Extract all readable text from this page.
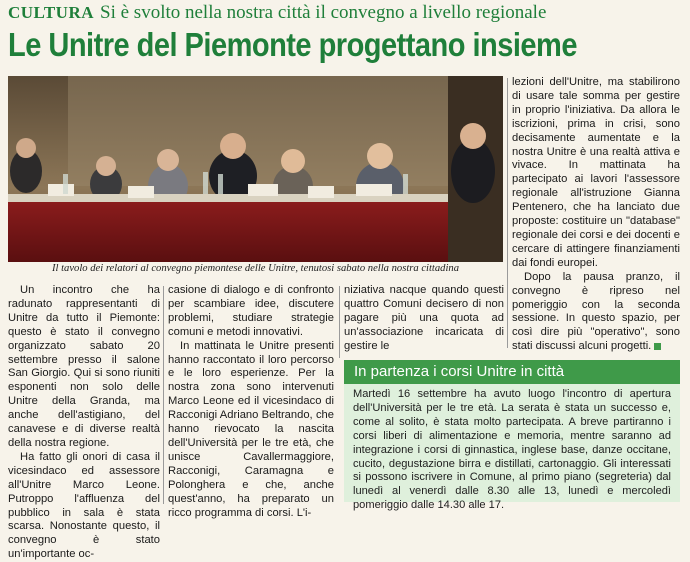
CULTURA Si è svolto nella nostra città il convegno a livello regionale
Le Unitre del Piemonte progettano insieme
Il tavolo dei relatori al convegno piemontese delle Unitre, tenutosi sabato nella nostra cittadina

Un incontro che ha radunato rappresentanti di Unitre da tutto il Piemonte: questo è stato il convegno organizzato sabato 20 settembre presso il salone San Giorgio. Qui si sono riuniti esponenti non solo delle Unitre della Granda, ma anche dell'astigiano, del canavese e di diverse realtà della nostra regione.

Ha fatto gli onori di casa il vicesindaco ed assessore all'Unitre Marco Leone. Putroppo l'affluenza del pubblico in sala è stata scarsa. Nonostante questo, il convegno è stato un'importante oc-

casione di dialogo e di confronto per scambiare idee, discutere problemi, studiare strategie comuni e metodi innovativi.

In mattinata le Unitre presenti hanno raccontato il loro percorso e le loro esperienze. Per la nostra zona sono intervenuti Marco Leone ed il vicesindaco di Racconigi Adriano Beltrando, che hanno rievocato la nascita dell'Università per le tre età, che unisce Cavallermaggiore, Racconigi, Caramagna e Polonghera e che, anche quest'anno, ha preparato un ricco programma di corsi. L'i-

niziativa nacque quando questi quattro Comuni decisero di non pagare più una quota ad un'associazione incaricata di gestire le

lezioni dell'Unitre, ma stabilirono di usare tale somma per gestire in proprio l'iniziativa. Da allora le iscrizioni, prima in crisi, sono decisamente aumentate e la nostra Unitre è una realtà attiva e vivace. In mattinata ha partecipato ai lavori l'assessore regionale all'istruzione Gianna Pentenero, che ha lanciato due proposte: costituire un "database" regionale dei corsi e dei docenti e cercare di attingere finanziamenti dai fondi europei.

Dopo la pausa pranzo, il convegno è ripreso nel pomeriggio con la seconda sessione. In questo spazio, per così dire più "operativo", sono stati discussi alcuni progetti.

In partenza i corsi Unitre in città

Martedì 16 settembre ha avuto luogo l'incontro di apertura dell'Università per le tre età. La serata è stata un successo e, come al solito, è stata molto partecipata. A breve partiranno i corsi liberi di alimentazione e memoria, mentre saranno ad integrazione i corsi di ginnastica, inglese base, danze occitane, cucito, degustazione birra e distillati, cartonaggio. Gli interessati si possono iscrivere in Comune, al primo piano (segreteria) dal lunedì al venerdì dalle 8.30 alle 13, lunedì e mercoledì pomeriggio dalle 14.30 alle 17.
